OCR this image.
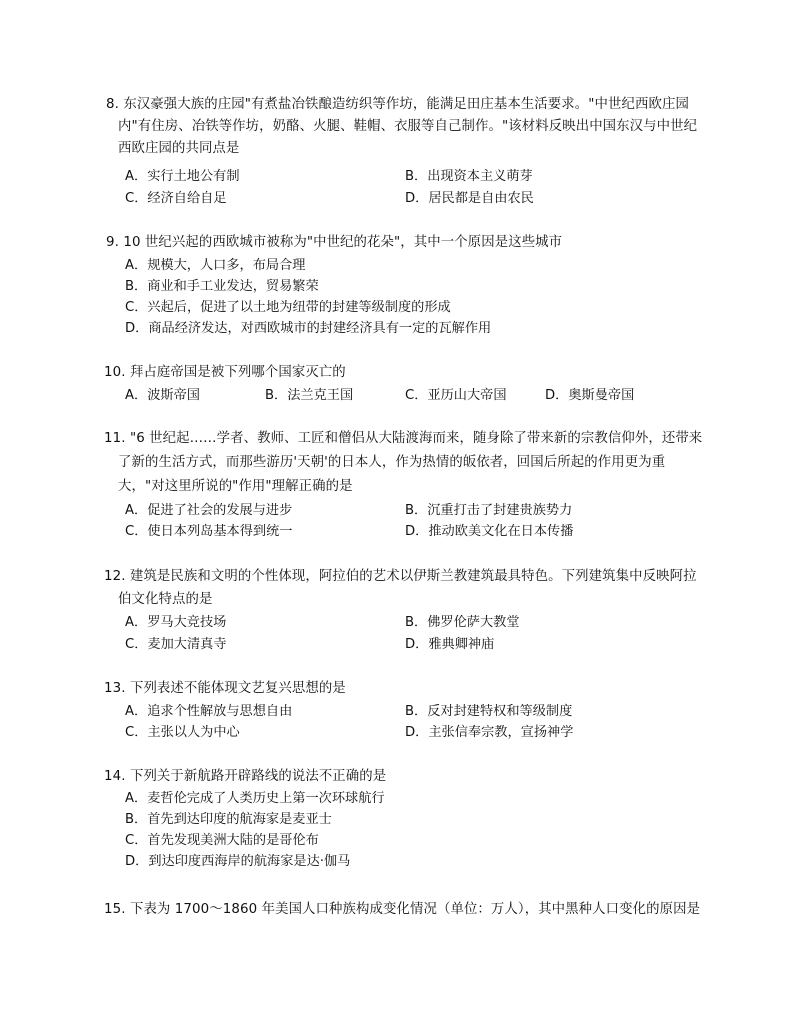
8. 东汉豪强大族的庄园"有煮盐冶铁酿造纺织等作坊，能满足田庄基本生活要求。"中世纪西欧庄园
内"有住房、冶铁等作坊，奶酪、火腿、鞋帽、衣服等自己制作。"该材料反映出中国东汉与中世纪
西欧庄园的共同点是
A．实行土地公有制	B．出现资本主义萌芽
C．经济自给自足	D．居民都是自由农民
9. 10 世纪兴起的西欧城市被称为"中世纪的花朵"，其中一个原因是这些城市
A．规模大，人口多，布局合理
B．商业和手工业发达，贸易繁荣
C．兴起后，促进了以土地为纽带的封建等级制度的形成
D．商品经济发达，对西欧城市的封建经济具有一定的瓦解作用
10. 拜占庭帝国是被下列哪个国家灭亡的
A．波斯帝国	B．法兰克王国	C．亚历山大帝国	D．奥斯曼帝国
11. "6 世纪起……学者、教师、工匠和僧侣从大陆渡海而来，随身除了带来新的宗教信仰外，还带来
了新的生活方式，而那些游历'天朝'的日本人，作为热情的皈依者，回国后所起的作用更为重
大，"对这里所说的"作用"理解正确的是
A．促进了社会的发展与进步	B．沉重打击了封建贵族势力
C．使日本列岛基本得到统一	D．推动欧美文化在日本传播
12. 建筑是民族和文明的个性体现，阿拉伯的艺术以伊斯兰教建筑最具特色。下列建筑集中反映阿拉
伯文化特点的是
A．罗马大竞技场	B．佛罗伦萨大教堂
C．麦加大清真寺	D．雅典卿神庙
13. 下列表述不能体现文艺复兴思想的是
A．追求个性解放与思想自由	B．反对封建特权和等级制度
C．主张以人为中心	D．主张信奉宗教，宣扬神学
14. 下列关于新航路开辟路线的说法不正确的是
A．麦哲伦完成了人类历史上第一次环球航行
B．首先到达印度的航海家是麦亚士
C．首先发现美洲大陆的是哥伦布
D．到达印度西海岸的航海家是达·伽马
15. 下表为 1700～1860 年美国人口种族构成变化情况（单位：万人），其中黑种人口变化的原因是
